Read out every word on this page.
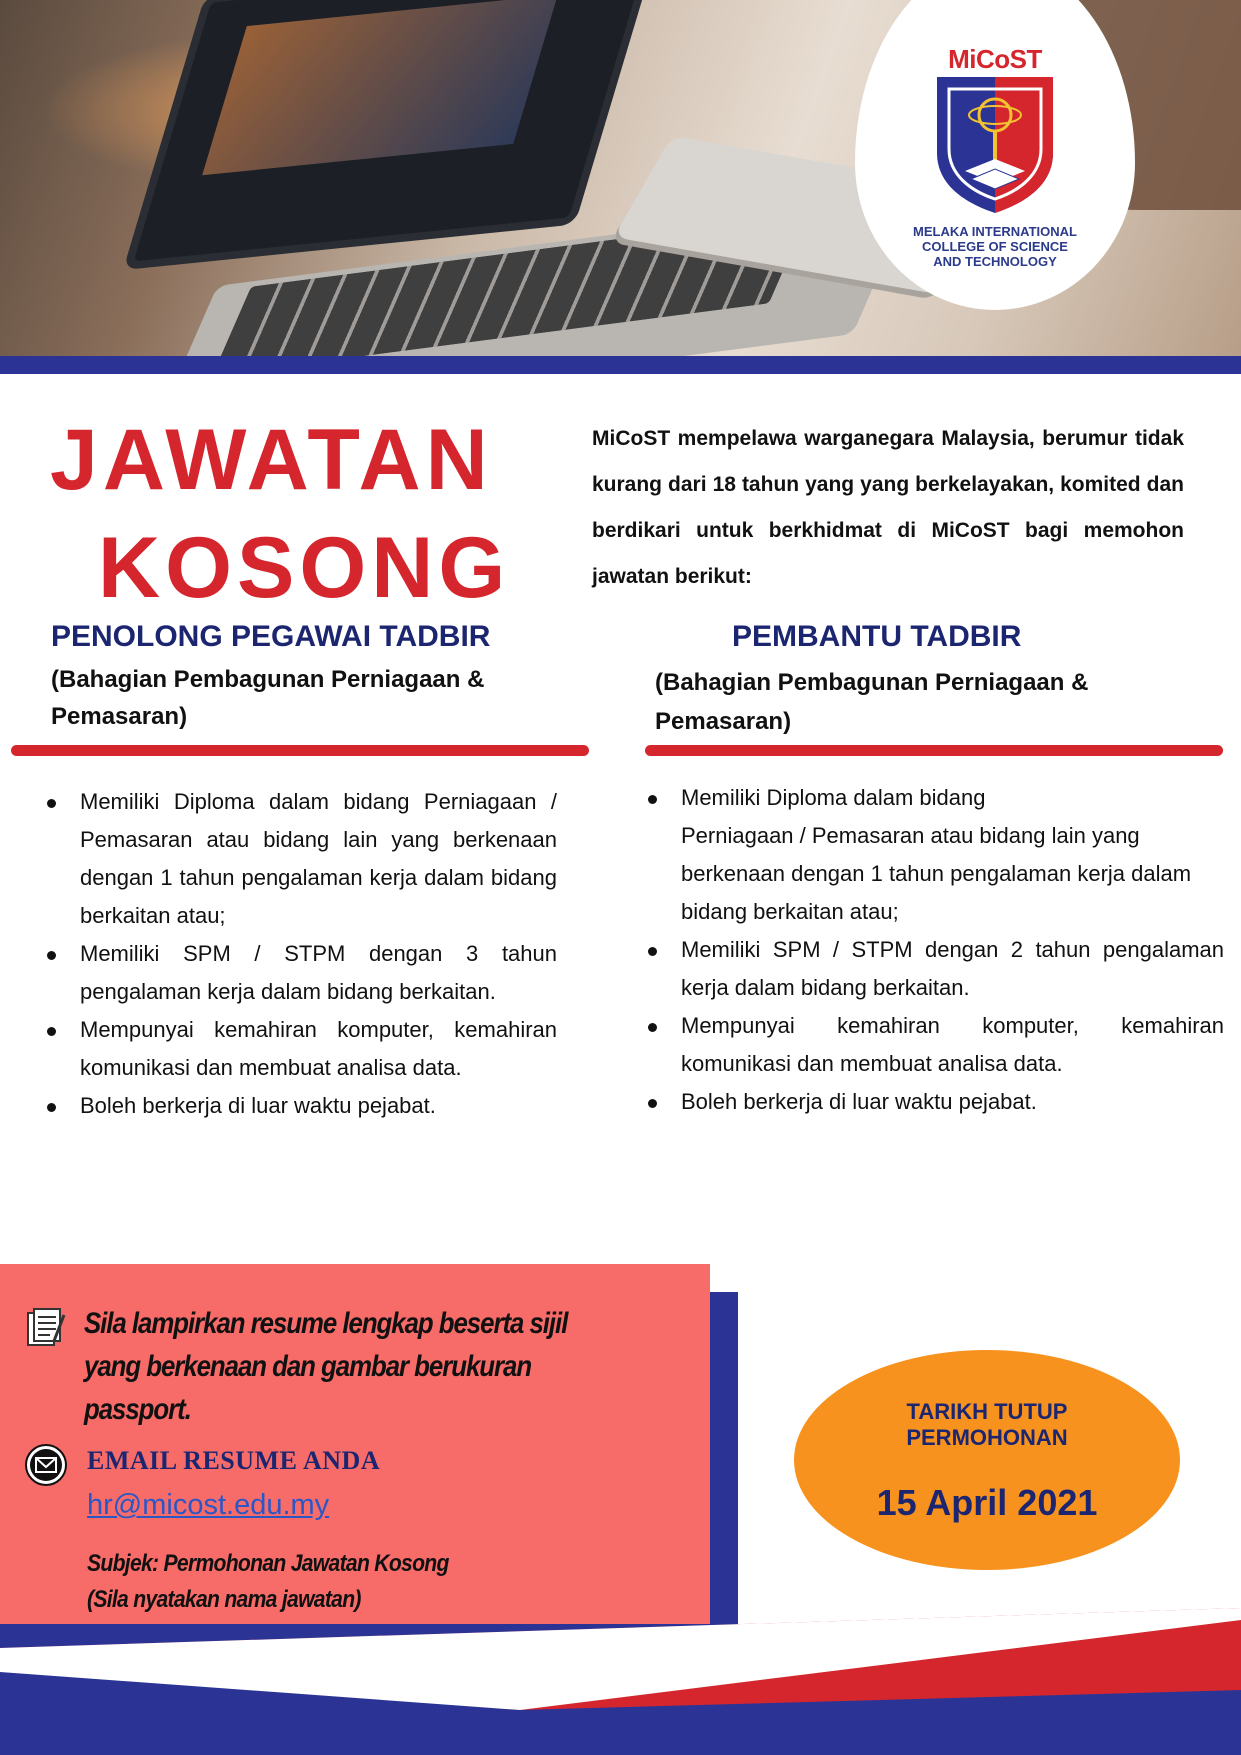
MiCoST
MELAKA INTERNATIONAL
COLLEGE OF SCIENCE
AND TECHNOLOGY
JAWATAN
KOSONG
MiCoST mempelawa warganegara Malaysia, berumur tidak kurang dari 18 tahun yang yang berkelayakan, komited dan berdikari untuk berkhidmat di MiCoST bagi memohon jawatan berikut:
PENOLONG PEGAWAI TADBIR
(Bahagian Pembagunan Perniagaan & Pemasaran)
Memiliki Diploma dalam bidang Perniagaan / Pemasaran atau bidang lain yang berkenaan dengan 1 tahun pengalaman kerja dalam bidang berkaitan atau;
Memiliki SPM / STPM dengan 3 tahun pengalaman kerja dalam bidang berkaitan.
Mempunyai kemahiran komputer, kemahiran komunikasi dan membuat analisa data.
Boleh berkerja di luar waktu pejabat.
PEMBANTU TADBIR
(Bahagian Pembagunan Perniagaan & Pemasaran)
Memiliki Diploma dalam bidang
Perniagaan / Pemasaran atau bidang lain yang berkenaan dengan 1 tahun pengalaman kerja dalam bidang berkaitan atau;
Memiliki SPM / STPM dengan 2 tahun pengalaman kerja dalam bidang berkaitan.
Mempunyai kemahiran komputer, kemahiran komunikasi dan membuat analisa data.
Boleh berkerja di luar waktu pejabat.
Sila lampirkan resume lengkap beserta sijil yang berkenaan dan gambar berukuran passport.
EMAIL RESUME ANDA
hr@micost.edu.my
Subjek: Permohonan Jawatan Kosong
(Sila nyatakan nama jawatan)
TARIKH TUTUP
PERMOHONAN
15 April 2021
